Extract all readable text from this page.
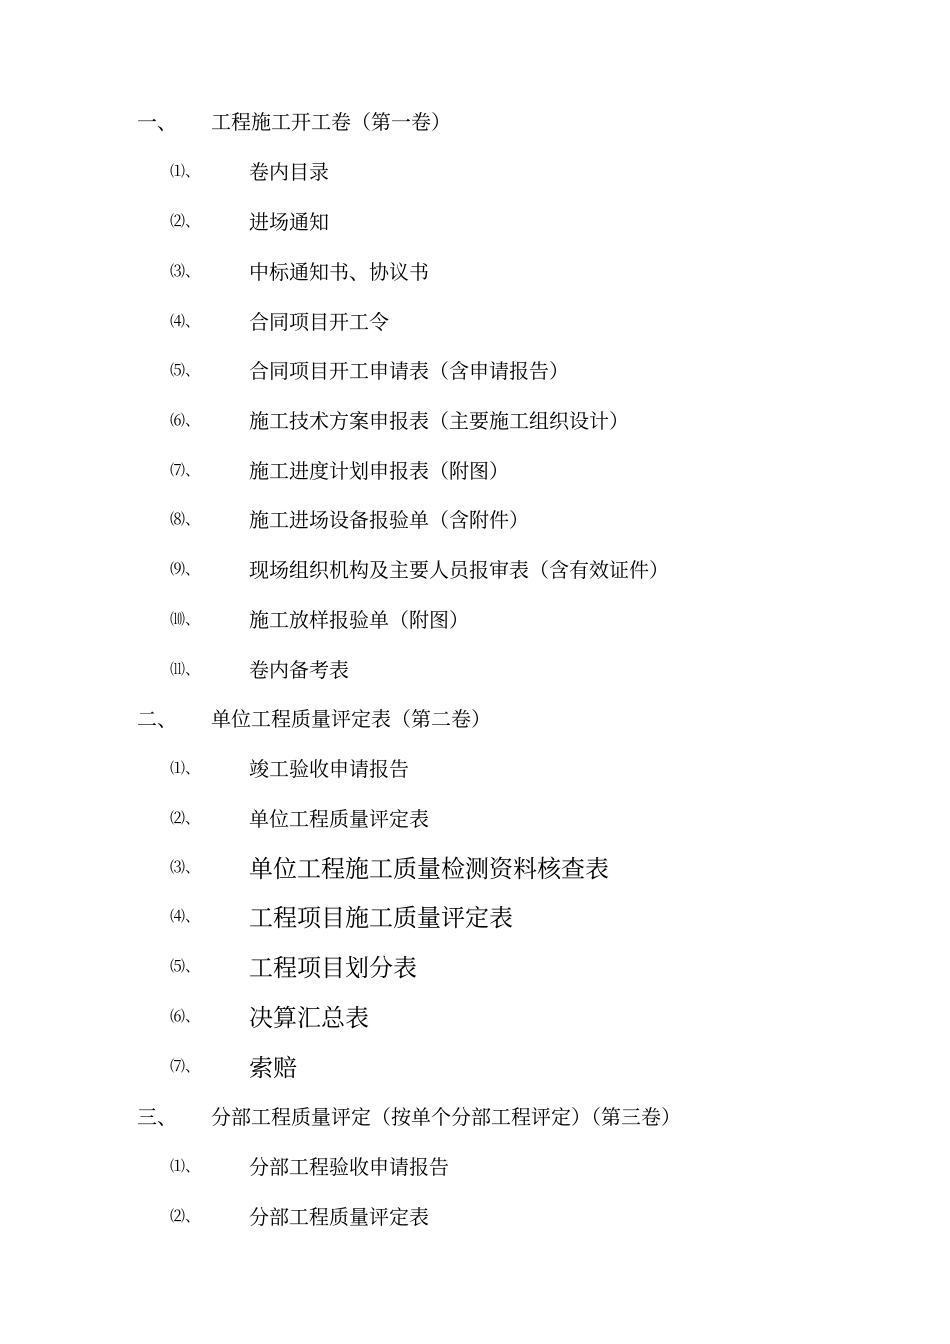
一、 工程施工开工卷（第一卷）
⑴、 卷内目录
⑵、 进场通知
⑶、 中标通知书、协议书
⑷、 合同项目开工令
⑸、 合同项目开工申请表（含申请报告）
⑹、 施工技术方案申报表（主要施工组织设计）
⑺、 施工进度计划申报表（附图）
⑻、 施工进场设备报验单（含附件）
⑼、 现场组织机构及主要人员报审表（含有效证件）
⑽、 施工放样报验单（附图）
⑾、 卷内备考表
二、 单位工程质量评定表（第二卷）
⑴、 竣工验收申请报告
⑵、 单位工程质量评定表
⑶、 单位工程施工质量检测资料核查表
⑷、 工程项目施工质量评定表
⑸、 工程项目划分表
⑹、 决算汇总表
⑺、 索赔
三、 分部工程质量评定（按单个分部工程评定）（第三卷）
⑴、 分部工程验收申请报告
⑵、 分部工程质量评定表
